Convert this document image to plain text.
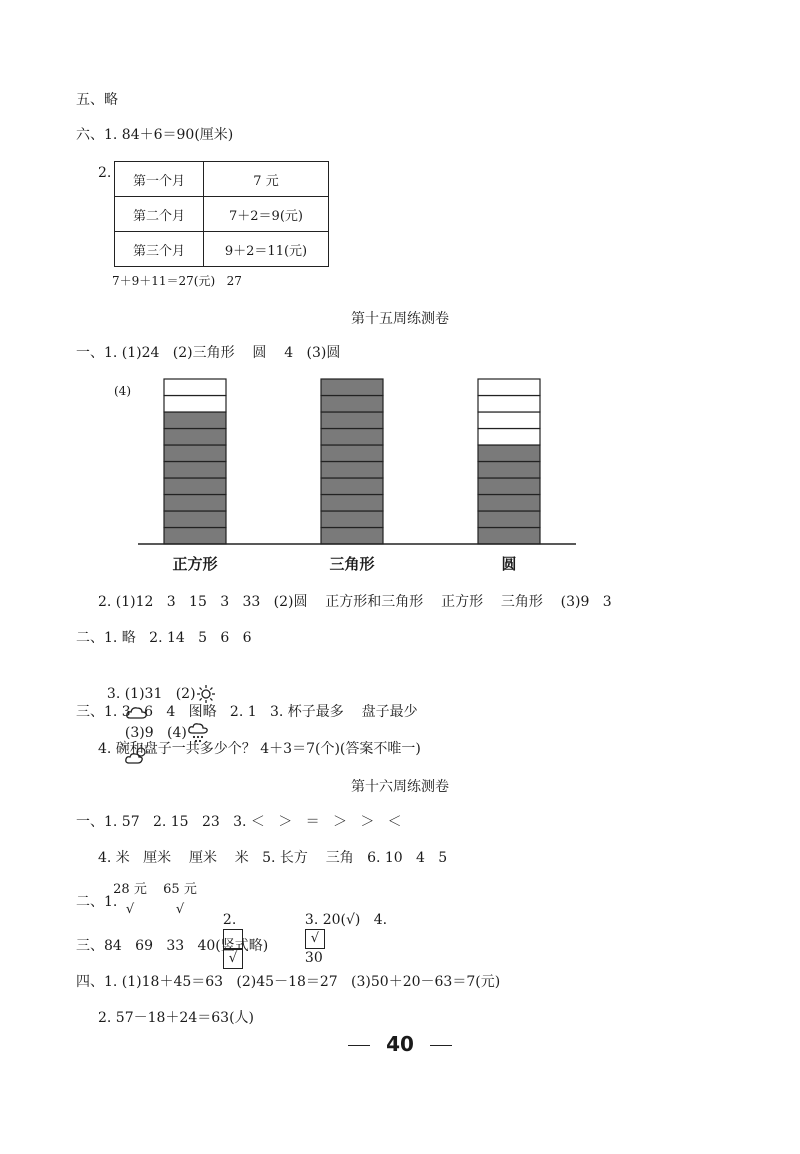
五、略
六、1. 84＋6＝90(厘米)
2. 第一个月	7 元
第二个月	7＋2＝9(元)
第三个月	9＋2＝11(元)
7＋9＋11＝27(元)   27
第十五周练测卷
一、1. (1)24   (2)三角形    圆    4   (3)圆
(4)
正方形	三角形	圆
2. (1)12   3   15   3   33   (2)圆    正方形和三角形    正方形    三角形    (3)9   3
二、1. 略   2. 14   5   6   6

3. (1)31   (2)

(3)9   (4)

三、1. 3   6   4   图略   2. 1   3. 杯子最多    盘子最少
4. 碗和盘子一共多少个？ 4＋3＝7(个)(答案不唯一)
第十六周练测卷
一、1. 57   2. 15   23   3. ＜   ＞   ＝   ＞   ＞   ＜
4. 米   厘米    厘米    米   5. 长方    三角   6. 10   4   5
二、1.
28 元
√
65 元
√

2.

√

3. 20(√)   4.
√
30

三、84   69   33   40(竖式略)
四、1. (1)18＋45＝63   (2)45－18＝27   (3)50＋20－63＝7(元)
2. 57－18＋24＝63(人)
40
